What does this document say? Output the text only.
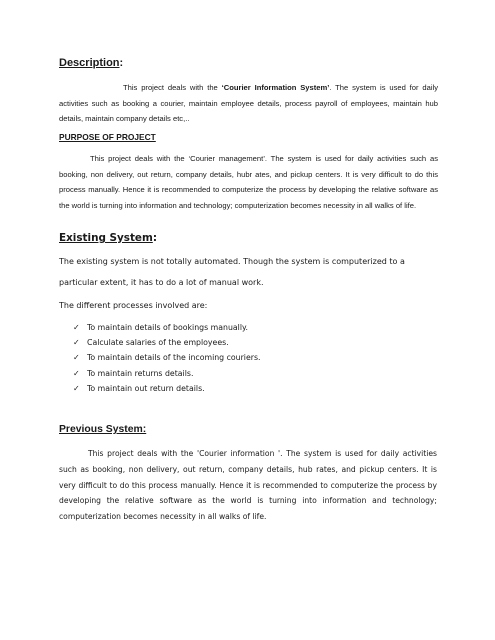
Description:

This project deals with the ‘Courier Information System’. The system is used for daily activities such as booking a courier, maintain employee details, process payroll of employees, maintain hub details, maintain company details etc,..

PURPOSE OF PROJECT

This project deals with the ‘Courier management’. The system is used for daily activities such as booking, non delivery, out return, company details, hubr ates, and pickup centers. It is very difficult to do this process manually. Hence it is recommended to computerize the process by developing the relative software as the world is turning into information and technology; computerization becomes necessity in all walks of life.

Existing System:

The existing system is not totally automated. Though the system is computerized to a

particular extent, it has to do a lot of manual work.

The different processes involved are:

✓ To maintain details of bookings manually.
✓ Calculate salaries of the employees.
✓ To maintain details of the incoming couriers.
✓ To maintain returns details.
✓ To maintain out return details.
Previous System:

This project deals with the 'Courier information '. The system is used for daily activities such as booking, non delivery, out return, company details, hub rates, and pickup centers. It is very difficult to do this process manually. Hence it is recommended to computerize the process by developing the relative software as the world is turning into information and technology; computerization becomes necessity in all walks of life.
